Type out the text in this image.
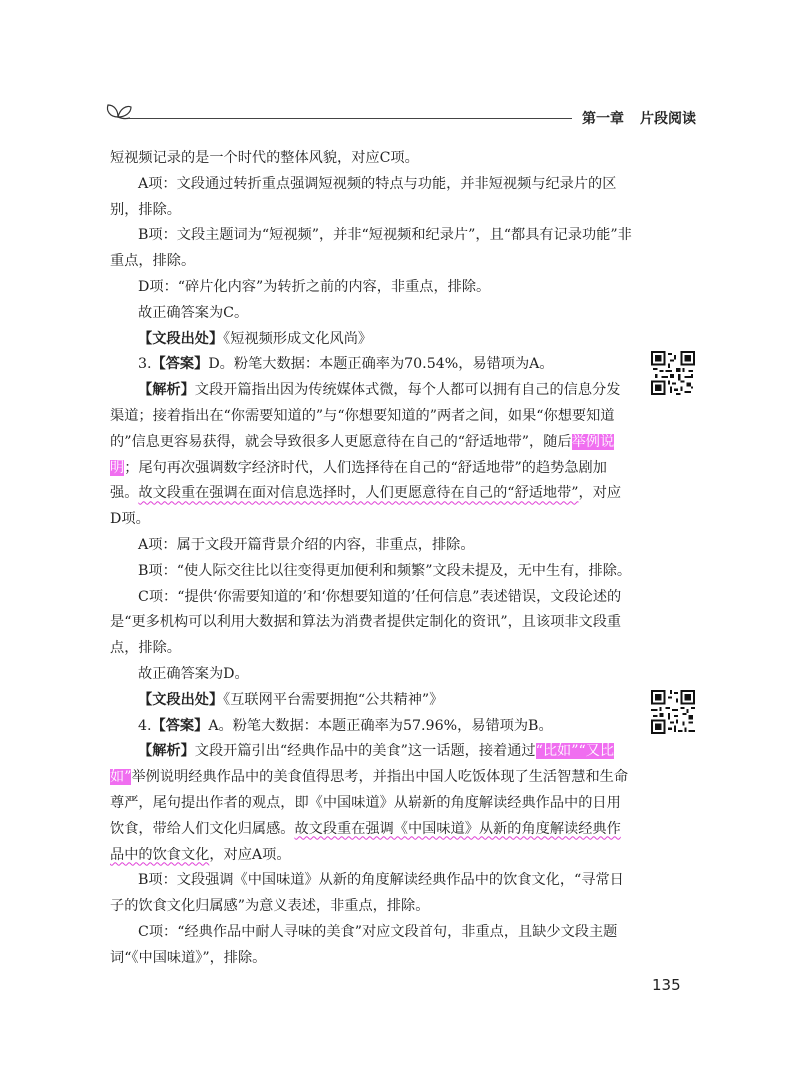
第一章 片段阅读

短视频记录的是一个时代的整体风貌，对应C项。

A项：文段通过转折重点强调短视频的特点与功能，并非短视频与纪录片的区别，排除。

B项：文段主题词为“短视频”，并非“短视频和纪录片”，且“都具有记录功能”非重点，排除。

D项：“碎片化内容”为转折之前的内容，非重点，排除。

故正确答案为C。

【文段出处】《短视频形成文化风尚》

3.【答案】D。粉笔大数据：本题正确率为70.54%，易错项为A。

【解析】文段开篇指出因为传统媒体式微，每个人都可以拥有自己的信息分发渠道；接着指出在“你需要知道的”与“你想要知道的”两者之间，如果“你想要知道的”信息更容易获得，就会导致很多人更愿意待在自己的“舒适地带”，随后举例说明；尾句再次强调数字经济时代，人们选择待在自己的“舒适地带”的趋势急剧加强。故文段重在强调在面对信息选择时，人们更愿意待在自己的“舒适地带”，对应D项。

A项：属于文段开篇背景介绍的内容，非重点，排除。

B项：“使人际交往比以往变得更加便利和频繁”文段未提及，无中生有，排除。

C项：“提供‘你需要知道的’和‘你想要知道的’任何信息”表述错误，文段论述的是“更多机构可以利用大数据和算法为消费者提供定制化的资讯”，且该项非文段重点，排除。

故正确答案为D。

【文段出处】《互联网平台需要拥抱“公共精神”》

4.【答案】A。粉笔大数据：本题正确率为57.96%，易错项为B。

【解析】文段开篇引出“经典作品中的美食”这一话题，接着通过“比如”“又比如”举例说明经典作品中的美食值得思考，并指出中国人吃饭体现了生活智慧和生命尊严，尾句提出作者的观点，即《中国味道》从崭新的角度解读经典作品中的日用饮食，带给人们文化归属感。故文段重在强调《中国味道》从新的角度解读经典作品中的饮食文化，对应A项。

B项：文段强调《中国味道》从新的角度解读经典作品中的饮食文化，“寻常日子的饮食文化归属感”为意义表述，非重点，排除。

C项：“经典作品中耐人寻味的美食”对应文段首句，非重点，且缺少文段主题词“《中国味道》”，排除。

135
